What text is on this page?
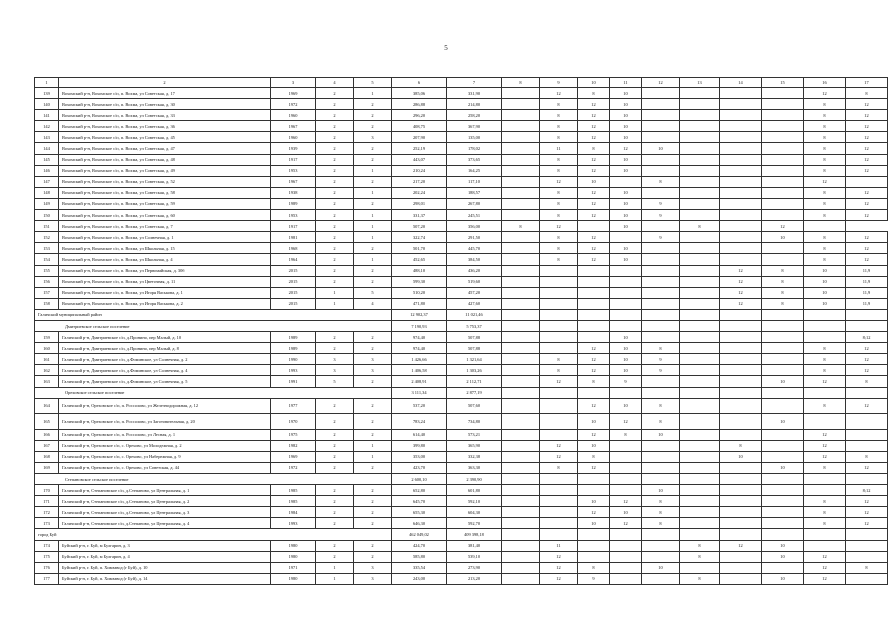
5
1	2	3	4	5	6	7	8	9	10	11	12	13	14	15	16	17
139	Вохомский р-н, Вохомское с/п, п. Вохма, ул Советская, д. 17	1969	2	1	385,06	331,90		12	8	10					12	8
140	Вохомский р-н, Вохомское с/п, п. Вохма, ул Советская, д. 30	1972	2	2	286,88	214,80		8	12	10					8	12
141	Вохомский р-н, Вохомское с/п, п. Вохма, ул Советская, д. 33	1960	2	2	296,20	258,20		8	12	10					8	12
142	Вохомский р-н, Вохомское с/п, п. Вохма, ул Советская, д. 36	1967	2	2	408,75	367,90		8	12	10					8	12
143	Вохомский р-н, Вохомское с/п, п. Вохма, ул Советская, д. 45	1960	2	3	207,90	135,00		8	12	10					8	12
144	Вохомский р-н, Вохомское с/п, п. Вохма, ул Советская, д. 47	1939	2	2	252,19	178,02		11	8	12	10				8	12
145	Вохомский р-н, Вохомское с/п, п. Вохма, ул Советская, д. 48	1917	2	2	443,07	373,65		8	12	10					8	12
146	Вохомский р-н, Вохомское с/п, п. Вохма, ул Советская, д. 49	1953	2	1	210,24	164,25		8	12	10					8	12
147	Вохомский р-н, Вохомское с/п, п. Вохма, ул Советская, д. 52	1967	2	2	217,20	117,10		12	10		8				12	
148	Вохомский р-н, Вохомское с/п, п. Вохма, ул Советская, д. 58	1938	2	1	202,24	188,57		8	12	10					8	12
149	Вохомский р-н, Вохомское с/п, п. Вохма, ул Советская, д. 59	1989	2	2	298,01	267,80		8	12	10	9				8	12
150	Вохомский р-н, Вохомское с/п, п. Вохма, ул Советская, д. 60	1953	2	1	331,37	245,51		8	12	10	9				8	12
151	Вохомский р-н, Вохомское с/п, п. Вохма, ул Советская, д. 7	1917	2	1	507,20	356,00	8	12		10		8		12		
152	Вохомский р-н, Вохомское с/п, п. Вохма, ул Солнечная, д. 1	1981	2	1	322,74	291,50		8	12		9			10	8	12
153	Вохомский р-н, Вохомское с/п, п. Вохма, ул Школьная, д. 15	1968	2	2	501,70	445,70		8	12	10					8	12
154	Вохомский р-н, Вохомское с/п, п. Вохма, ул Школьная, д. 4	1964	2	1	452,65	384,50		8	12	10					8	12
155	Вохомский р-н, Вохомское с/п, п. Вохма, ул Первомайская, д. 30б	2015	2	2	488,10	436,20							12	8	10	11,9
156	Вохомский р-н, Вохомское с/п, п. Вохма, ул Цветочная, д. 11	2015	2	2	599,30	519,60							12	8	10	11,9
157	Вохомский р-н, Вохомское с/п, п. Вохма, ул Игоря Васькова, д. 1	2015	1	5	510,20	457,20							12	8	10	11,9
158	Вохомский р-н, Вохомское с/п, п. Вохма, ул Игоря Васькова, д. 2	2015	1	4	471,80	427,60							12	8	10	11,9
Галичский муниципальный район					12 902,37	11 021,46										
Дмитриевское сельское поселение					7 190,93	5 753,37										
159	Галичский р-н, Дмитриевское с/п, д.Пронино, пер Малый, д. 10	1989	2	2	974,40	507,88				10						8;12
160	Галичский р-н, Дмитриевское с/п, д.Пронино, пер Малый, д. 8	1989	2	2	974,40	507,88			12	10	8				8	12
161	Галичский р-н, Дмитриевское с/п, д.Фоминское, ул Солнечная, д. 2	1990	3	3	1 426,66	1 321,64		8	12	10	9				8	12
162	Галичский р-н, Дмитриевское с/п, д.Фоминское, ул Солнечная, д. 4	1993	3	3	1 406,58	1 303,26		8	12	10	9				8	12
163	Галичский р-н, Дмитриевское с/п, д.Фоминское, ул Солнечная, д. 5	1991	5	2	2 408,91	2 112,71		12	8	9				10	12	8
Ореховское сельское поселение					3 111,34	2 877,19										
164	Галичский р-н, Ореховское с/п, п. Россолово, ул Железнодорожная, д. 12	1977	2	2	537,20	507,60			12	10	8				8	12
165	Галичский р-н, Ореховское с/п, п. Россолово, ул Заготовительная, д. 20	1970	2	2	783,24	734,80			10	12	8			10		
166	Галичский р-н, Ореховское с/п, п. Россолово, ул Лесная, д. 1	1975	2	2	614,40	573,21			12	8	10				12	
167	Галичский р-н, Ореховское с/п, с. Орехово, ул Молодежная, д. 2	1982	2	1	399,80	365,90		12	10				8		12	
168	Галичский р-н, Ореховское с/п, с. Орехово, ул Набережная, д. 9	1969	2	1	353,00	332,38		12	8				10		12	8
169	Галичский р-н, Ореховское с/п, с. Орехово, ул Советская, д. 44	1972	2	2	423,70	363,30		8	12					10	8	12
Степановское сельское поселение					2 600,10	2 390,90										
170	Галичский р-н, Степановское с/п, д.Степаново, ул Центральная, д. 1	1985	2	2	652,80	601,80					10					8;12
171	Галичский р-н, Степановское с/п, д.Степаново, ул Центральная, д. 2	1985	2	2	645,70	592,10			10	12	8				8	12
172	Галичский р-н, Степановское с/п, д.Степаново, ул Центральная, д. 3	1984	2	2	655,30	604,30			12	10	8				8	12
173	Галичский р-н, Степановское с/п, д.Степаново, ул Центральная, д. 4	1993	2	2	646,30	592,70			10	12	8				8	12
город Буй					462 049,02	409 398,18										
174	Буйский р-н, г. Буй, м Булгарин, д. 3	1980	2	2	424,70	381,40		11				8	12	10		
175	Буйский р-н, г. Буй, м Булгарин, д. 4	1980	2	2	585,80	539,10		12				8		10	12	
176	Буйский р-н, г. Буй, п. Химзавод (г Буй), д. 10	1971	1	3	335,54	273,90		12	8		10				12	8
177	Буйский р-н, г. Буй, п. Химзавод (г Буй), д. 14	1980	1	3	243,00	213,20		12	9			8		10	12	
